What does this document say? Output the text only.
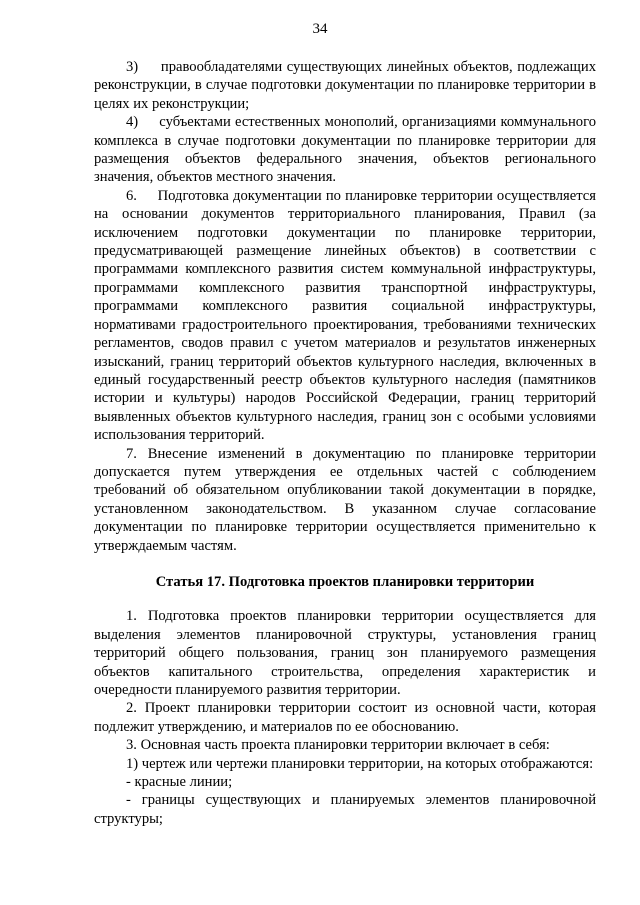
34

3)     правообладателями существующих линейных объектов, подлежащих реконструкции, в случае подготовки документации по планировке территории в целях их реконструкции;

4)     субъектами естественных монополий, организациями коммунального комплекса в случае подготовки документации по планировке территории для размещения объектов федерального значения, объектов регионального значения, объектов местного значения.

6.     Подготовка документации по планировке территории осуществляется на основании документов территориального планирования, Правил (за исключением подготовки документации по планировке территории, предусматривающей размещение линейных объектов) в соответствии с программами комплексного развития систем коммунальной инфраструктуры, программами комплексного развития транспортной инфраструктуры, программами комплексного развития социальной инфраструктуры, нормативами градостроительного проектирования, требованиями технических регламентов, сводов правил с учетом материалов и результатов инженерных изысканий, границ территорий объектов культурного наследия, включенных в единый государственный реестр объектов культурного наследия (памятников истории и культуры) народов Российской Федерации, границ территорий выявленных объектов культурного наследия, границ зон с особыми условиями использования территорий.

7. Внесение изменений в документацию по планировке территории допускается путем утверждения ее отдельных частей с соблюдением требований об обязательном опубликовании такой документации в порядке, установленном законодательством. В указанном случае согласование документации по планировке территории осуществляется применительно к утверждаемым частям.

Статья 17. Подготовка проектов планировки территории

1. Подготовка проектов планировки территории осуществляется для выделения элементов планировочной структуры, установления границ территорий общего пользования, границ зон планируемого размещения объектов капитального строительства, определения характеристик и очередности планируемого развития территории.

2. Проект планировки территории состоит из основной части, которая подлежит утверждению, и материалов по ее обоснованию.

3. Основная часть проекта планировки территории включает в себя:

1) чертеж или чертежи планировки территории, на которых отображаются:

- красные линии;

- границы существующих и планируемых элементов планировочной структуры;
